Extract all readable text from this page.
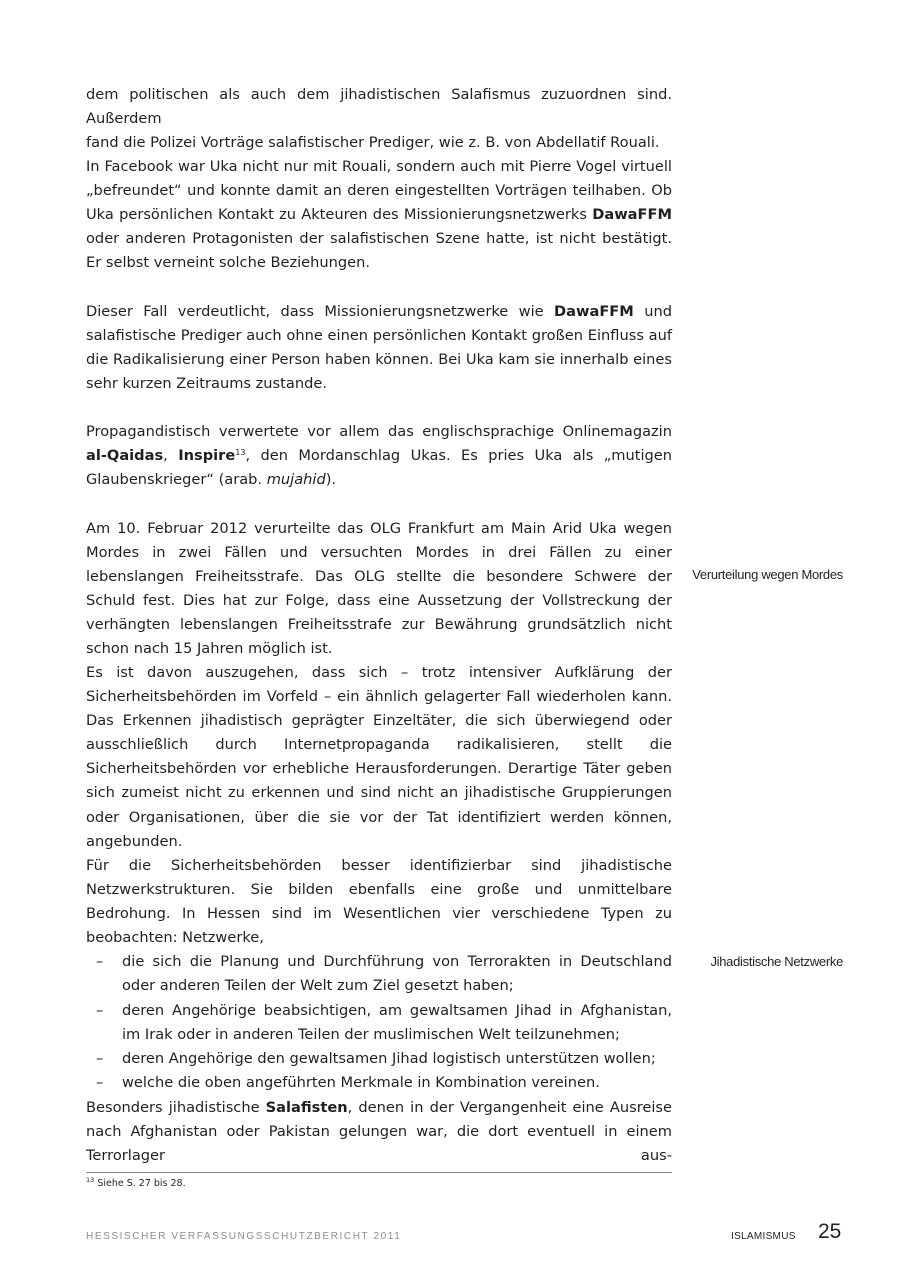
dem politischen als auch dem jihadistischen Salafismus zuzuordnen sind. Außerdem

fand die Polizei Vorträge salafistischer Prediger, wie z. B. von Abdellatif Rouali.

In Facebook war Uka nicht nur mit Rouali, sondern auch mit Pierre Vogel virtuell „befreundet“ und konnte damit an deren eingestellten Vorträgen teilhaben. Ob Uka persönlichen Kontakt zu Akteuren des Missionierungsnetzwerks DawaFFM oder anderen Protagonisten der salafistischen Szene hatte, ist nicht bestätigt. Er selbst verneint solche Beziehungen.

Dieser Fall verdeutlicht, dass Missionierungsnetzwerke wie DawaFFM und salafistische Prediger auch ohne einen persönlichen Kontakt großen Einfluss auf die Radikalisierung einer Person haben können. Bei Uka kam sie innerhalb eines sehr kurzen Zeitraums zustande.

Propagandistisch verwertete vor allem das englischsprachige Onlinemagazin al-Qaidas, Inspire$^{13}$, den Mordanschlag Ukas. Es pries Uka als „mutigen Glaubenskrieger“ (arab. mujahid).

Am 10. Februar 2012 verurteilte das OLG Frankfurt am Main Arid Uka wegen Mordes in zwei Fällen und versuchten Mordes in drei Fällen zu einer lebenslangen Freiheitsstrafe. Das OLG stellte die besondere Schwere der Schuld fest. Dies hat zur Folge, dass eine Aussetzung der Vollstreckung der verhängten lebenslangen Freiheitsstrafe zur Bewährung grundsätzlich nicht schon nach 15 Jahren möglich ist.

Es ist davon auszugehen, dass sich – trotz intensiver Aufklärung der Sicherheitsbehörden im Vorfeld – ein ähnlich gelagerter Fall wiederholen kann. Das Erkennen jihadistisch geprägter Einzeltäter, die sich überwiegend oder ausschließlich durch Internetpropaganda radikalisieren, stellt die Sicherheitsbehörden vor erhebliche Herausforderungen. Derartige Täter geben sich zumeist nicht zu erkennen und sind nicht an jihadistische Gruppierungen oder Organisationen, über die sie vor der Tat identifiziert werden können, angebunden.

Für die Sicherheitsbehörden besser identifizierbar sind jihadistische Netzwerkstrukturen. Sie bilden ebenfalls eine große und unmittelbare Bedrohung. In Hessen sind im Wesentlichen vier verschiedene Typen zu beobachten: Netzwerke,

– die sich die Planung und Durchführung von Terrorakten in Deutschland oder anderen Teilen der Welt zum Ziel gesetzt haben;
– deren Angehörige beabsichtigen, am gewaltsamen Jihad in Afghanistan, im Irak oder in anderen Teilen der muslimischen Welt teilzunehmen;
– deren Angehörige den gewaltsamen Jihad logistisch unterstützen wollen;
– welche die oben angeführten Merkmale in Kombination vereinen.

Besonders jihadistische Salafisten, denen in der Vergangenheit eine Ausreise nach Afghanistan oder Pakistan gelungen war, die dort eventuell in einem Terrorlager aus-

Verurteilung wegen Mordes
Jihadistische Netzwerke
$^{13}$ Siehe S. 27 bis 28.
HESSISCHER VERFASSUNGSSCHUTZBERICHT 2011	ISLAMISMUS 25
